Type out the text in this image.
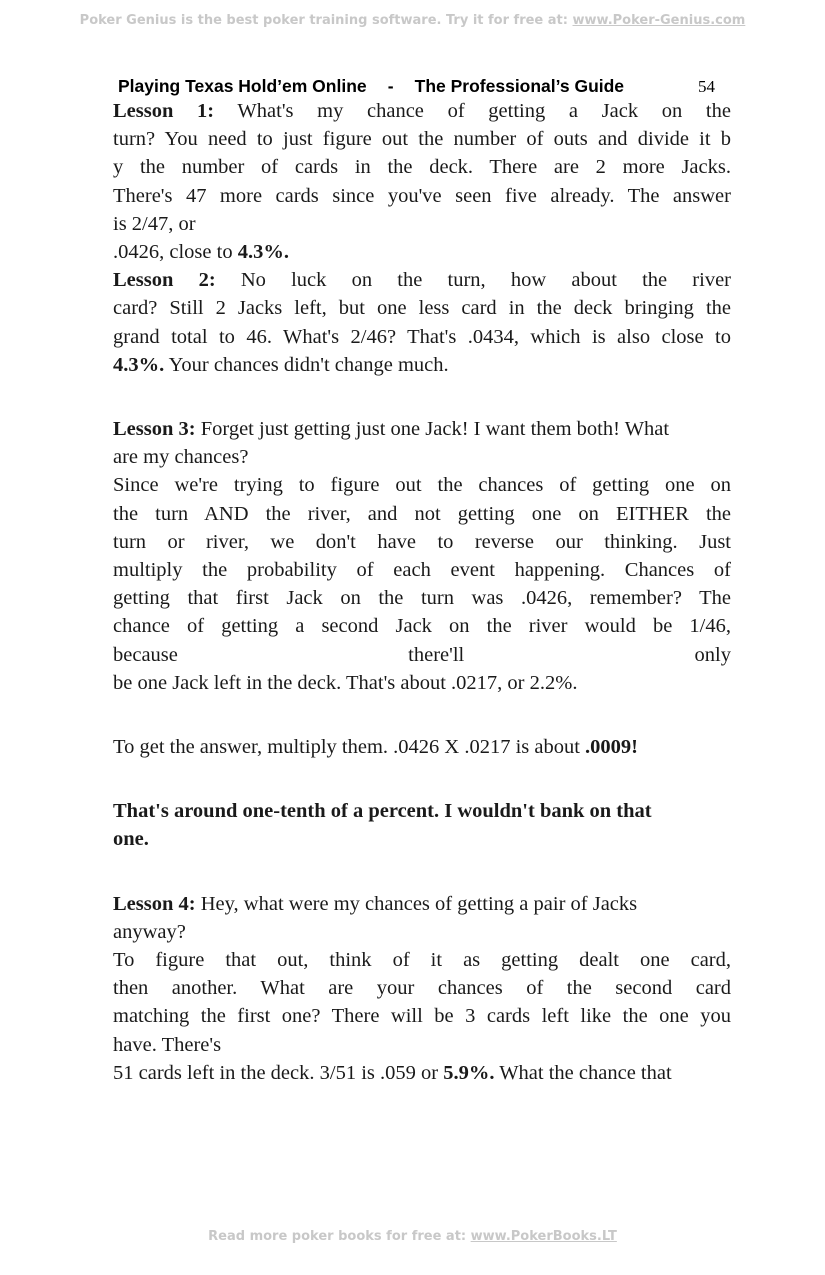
Poker Genius is the best poker training software. Try it for free at: www.Poker-Genius.com
Playing Texas Hold’em Online - The Professional’s Guide	54

Lesson 1: What's my chance of getting a Jack on the

turn? You need to just figure out the number of outs and divide it b

y the number of cards in the deck. There are 2 more Jacks.

There's 47 more cards since you've seen five already. The answer

is 2/47, or

.0426, close to 4.3%.

Lesson 2: No luck on the turn, how about the river

card? Still 2 Jacks left, but one less card in the deck bringing the

grand total to 46. What's 2/46? That's .0434, which is also close to

4.3%. Your chances didn't change much.

Lesson 3: Forget just getting just one Jack! I want them both! What

are my chances?

Since we're trying to figure out the chances of getting one on

the turn AND the river, and not getting one on EITHER the

turn or river, we don't have to reverse our thinking. Just

multiply the probability of each event happening. Chances of

getting that first Jack on the turn was .0426, remember? The

chance of getting a second Jack on the river would be 1/46,

because there'll only

be one Jack left in the deck. That's about .0217, or 2.2%.

To get the answer, multiply them. .0426 X .0217 is about .0009!

That's around one-tenth of a percent. I wouldn't bank on that

one.

Lesson 4: Hey, what were my chances of getting a pair of Jacks

anyway?

To figure that out, think of it as getting dealt one card,

then another. What are your chances of the second card

matching the first one? There will be 3 cards left like the one you

have. There's

51 cards left in the deck. 3/51 is .059 or 5.9%. What the chance that

Read more poker books for free at: www.PokerBooks.LT
